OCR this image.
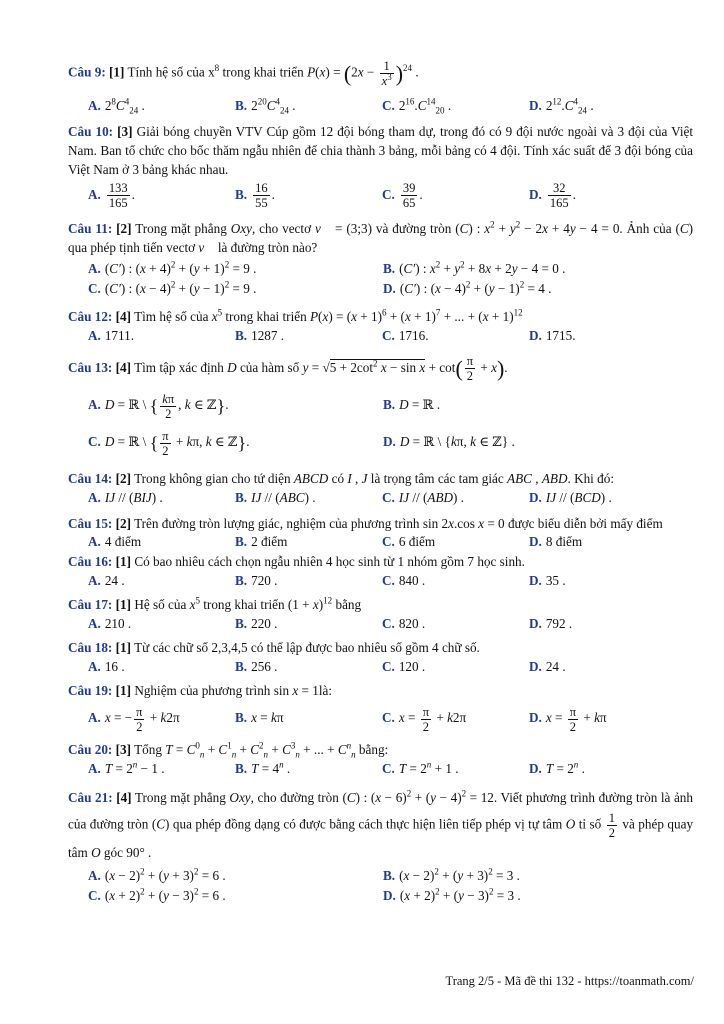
Câu 9: [1] Tính hệ số của $x^8$ trong khai triển $P(x) = (2x - \frac{1}{x^3} )^{24}$ .
A. $2^8C^4_{24}$ .	B. $2^{20}C^4_{24}$ .	C. $2^{16}.C^{14}_{20}$ .	D. $2^{12}.C^4_{24}$ .
Câu 10: [3] Giải bóng chuyền VTV Cúp gồm 12 đội bóng tham dự, trong đó có 9 đội nước ngoài và 3 đội của Việt Nam. Ban tổ chức cho bốc thăm ngẫu nhiên để chia thành 3 bảng, mỗi bảng có 4 đội. Tính xác suất để 3 đội bóng của Việt Nam ở 3 bảng khác nhau.
A. $\frac{133}{165}$ .	B. $\frac{16}{55}$ .	C. $\frac{39}{65}$ .	D. $\frac{32}{165}$ .
Câu 11: [2] Trong mặt phẳng Oxy, cho vectơ v⃗ = (3;3) và đường tròn (C) : $x^2 + y^2 - 2x + 4y - 4 = 0$. Ảnh của (C) qua phép tịnh tiến vectơ v⃗ là đường tròn nào?
A. (C′) : $(x + 4)^2 + (y + 1)^2 = 9$ .	B. (C′) : $x^2 + y^2 + 8x + 2y - 4 = 0$ .
C. (C′) : $(x - 4)^2 + (y - 1)^2 = 9$ .	D. (C′) : $(x - 4)^2 + (y - 1)^2 = 4$ .
Câu 12: [4] Tìm hệ số của $x^5$ trong khai triển $P(x) = (x + 1)^6 + (x + 1)^7$ + ... + $(x + 1)^{12}$
A. 1711.	B. 1287 .	C. 1716.	D. 1715.
Câu 13: [4] Tìm tập xác định D của hàm số $y = √5 + 2\cot^2$ $x - \sin x + \cot( \frac{\pi}{2} + x)$.
A. D = ℝ \ { $\frac{k\pi}{2}$ , k ∈ ℤ}.	B. D = ℝ .
C. D = ℝ \ { $\frac{\pi}{2} + k\pi$, k ∈ ℤ}.	D. D = ℝ \ {kπ, k ∈ ℤ} .
Câu 14: [2] Trong không gian cho tứ diện ABCD có I , J là trọng tâm các tam giác ABC , ABD. Khi đó:
A. IJ // (BIJ) .	B. IJ // (ABC) .	C. IJ // (ABD) .	D. IJ // (BCD) .
Câu 15: [2] Trên đường tròn lượng giác, nghiệm của phương trình sin 2x.cos x = 0 được biểu diễn bởi mấy điểm
A. 4 điểm	B. 2 điểm	C. 6 điểm	D. 8 điểm
Câu 16: [1] Có bao nhiêu cách chọn ngẫu nhiên 4 học sinh từ 1 nhóm gồm 7 học sinh.
A. 24 .	B. 720 .	C. 840 .	D. 35 .
Câu 17: [1] Hệ số của $x^5$ trong khai triển $(1 + x)^{12}$ bằng
A. 210 .	B. 220 .	C. 820 .	D. 792 .
Câu 18: [1] Từ các chữ số 2,3,4,5 có thể lập được bao nhiêu số gồm 4 chữ số.
A. 16 .	B. 256 .	C. 120 .	D. 24 .
Câu 19: [1] Nghiệm của phương trình sin x = 1là:
A. x = − $\frac{\pi}{2} + k2\pi$	B. x = kπ	C. $x = \frac{\pi}{2} + k2\pi$	D. $x = \frac{\pi}{2} + k\pi$
Câu 20: [3] Tổng $T = C^0_n + C^1_n + C^2_n + C^3_n$ + ... + $C^n_n$ bằng:
A. $T = 2^n - 1$ .	B. $T = 4^n$ .	C. $T = 2^n + 1$ .	D. $T = 2^n$ .
Câu 21: [4] Trong mặt phẳng Oxy, cho đường tròn (C) : $(x - 6)^2 + (y - 4)^2 = 12$. Viết phương trình đường tròn là ảnh của đường tròn (C) qua phép đồng dạng có được bằng cách thực hiện liên tiếp phép vị tự tâm O tỉ số $\frac{1}{2}$ và phép quay tâm O góc 90° .
A. $(x - 2)^2 + (y + 3)^2 = 6$ .	B. $(x - 2)^2 + (y + 3)^2 = 3$ .
C. $(x + 2)^2 + (y - 3)^2 = 6$ .	D. $(x + 2)^2 + (y - 3)^2 = 3$ .
Trang 2/5 - Mã đề thi 132 - https://toanmath.com/
